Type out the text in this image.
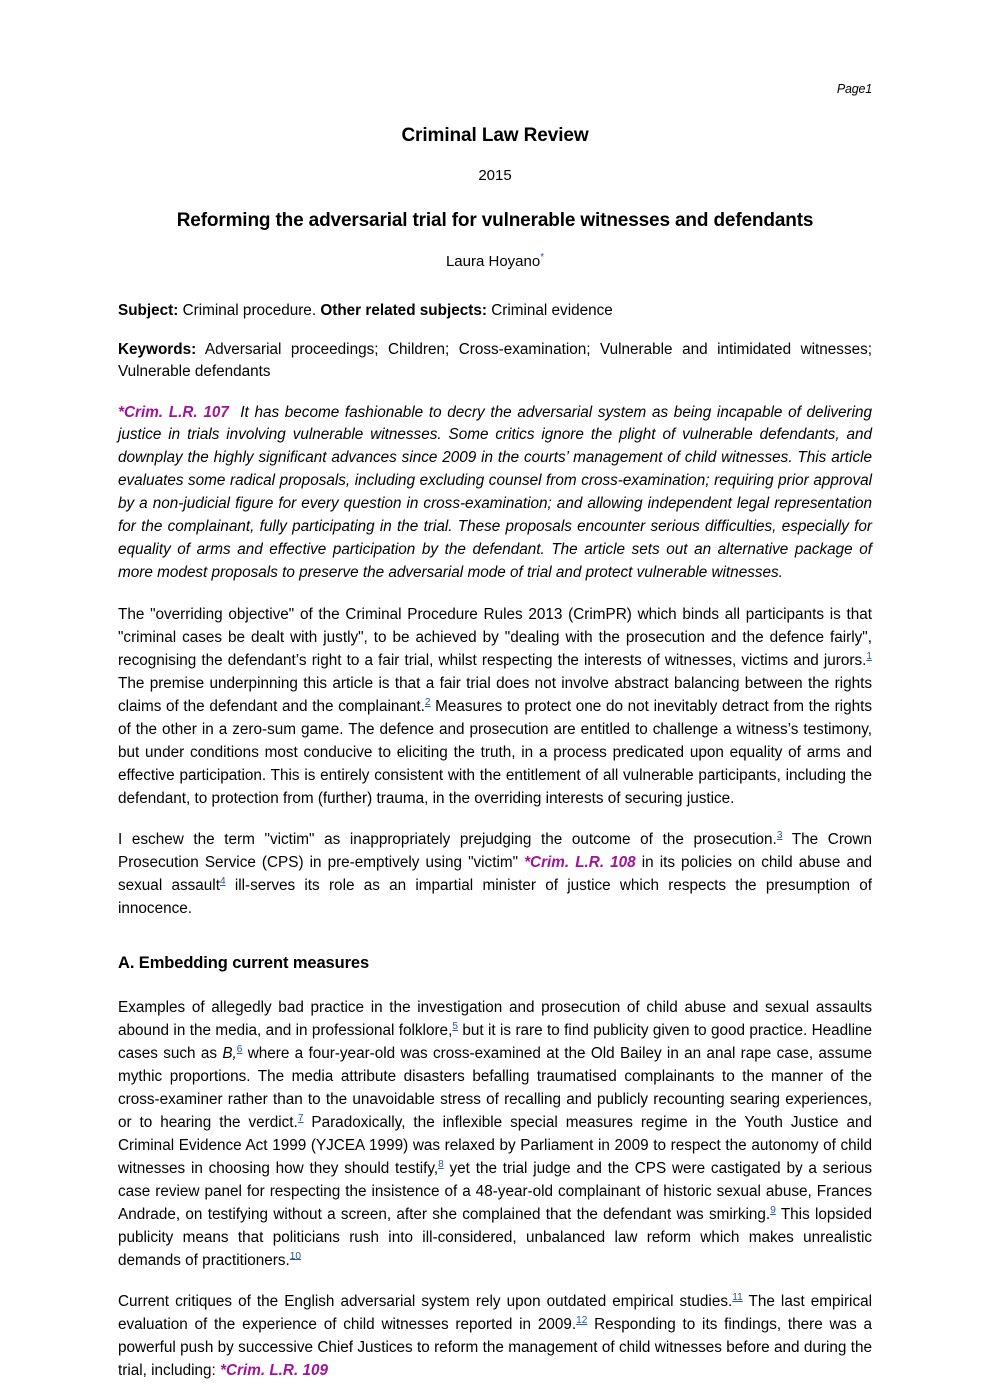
Page1
Criminal Law Review

2015

Reforming the adversarial trial for vulnerable witnesses and defendants

Laura Hoyano*

Subject: Criminal procedure. Other related subjects: Criminal evidence

Keywords: Adversarial proceedings; Children; Cross-examination; Vulnerable and intimidated witnesses; Vulnerable defendants

*Crim. L.R. 107 It has become fashionable to decry the adversarial system as being incapable of delivering justice in trials involving vulnerable witnesses. Some critics ignore the plight of vulnerable defendants, and downplay the highly significant advances since 2009 in the courts’ management of child witnesses. This article evaluates some radical proposals, including excluding counsel from cross-examination; requiring prior approval by a non-judicial figure for every question in cross-examination; and allowing independent legal representation for the complainant, fully participating in the trial. These proposals encounter serious difficulties, especially for equality of arms and effective participation by the defendant. The article sets out an alternative package of more modest proposals to preserve the adversarial mode of trial and protect vulnerable witnesses.

The "overriding objective" of the Criminal Procedure Rules 2013 (CrimPR) which binds all participants is that "criminal cases be dealt with justly", to be achieved by "dealing with the prosecution and the defence fairly", recognising the defendant’s right to a fair trial, whilst respecting the interests of witnesses, victims and jurors.$^1$ The premise underpinning this article is that a fair trial does not involve abstract balancing between the rights claims of the defendant and the complainant.$^2$ Measures to protect one do not inevitably detract from the rights of the other in a zero-sum game. The defence and prosecution are entitled to challenge a witness’s testimony, but under conditions most conducive to eliciting the truth, in a process predicated upon equality of arms and effective participation. This is entirely consistent with the entitlement of all vulnerable participants, including the defendant, to protection from (further) trauma, in the overriding interests of securing justice.

I eschew the term "victim" as inappropriately prejudging the outcome of the prosecution.$^3$ The Crown Prosecution Service (CPS) in pre-emptively using "victim" *Crim. L.R. 108 in its policies on child abuse and sexual assault$^4$ ill-serves its role as an impartial minister of justice which respects the presumption of innocence.

A. Embedding current measures

Examples of allegedly bad practice in the investigation and prosecution of child abuse and sexual assaults abound in the media, and in professional folklore,$^5$ but it is rare to find publicity given to good practice. Headline cases such as B,$^6$ where a four-year-old was cross-examined at the Old Bailey in an anal rape case, assume mythic proportions. The media attribute disasters befalling traumatised complainants to the manner of the cross-examiner rather than to the unavoidable stress of recalling and publicly recounting searing experiences, or to hearing the verdict.$^7$ Paradoxically, the inflexible special measures regime in the Youth Justice and Criminal Evidence Act 1999 (YJCEA 1999) was relaxed by Parliament in 2009 to respect the autonomy of child witnesses in choosing how they should testify,$^8$ yet the trial judge and the CPS were castigated by a serious case review panel for respecting the insistence of a 48-year-old complainant of historic sexual abuse, Frances Andrade, on testifying without a screen, after she complained that the defendant was smirking.$^9$ This lopsided publicity means that politicians rush into ill-considered, unbalanced law reform which makes unrealistic demands of practitioners.$^{10}$

Current critiques of the English adversarial system rely upon outdated empirical studies.$^{11}$ The last empirical evaluation of the experience of child witnesses reported in 2009.12 Responding to its findings, there was a powerful push by successive Chief Justices to reform the management of child witnesses before and during the trial, including: *Crim. L.R. 109
